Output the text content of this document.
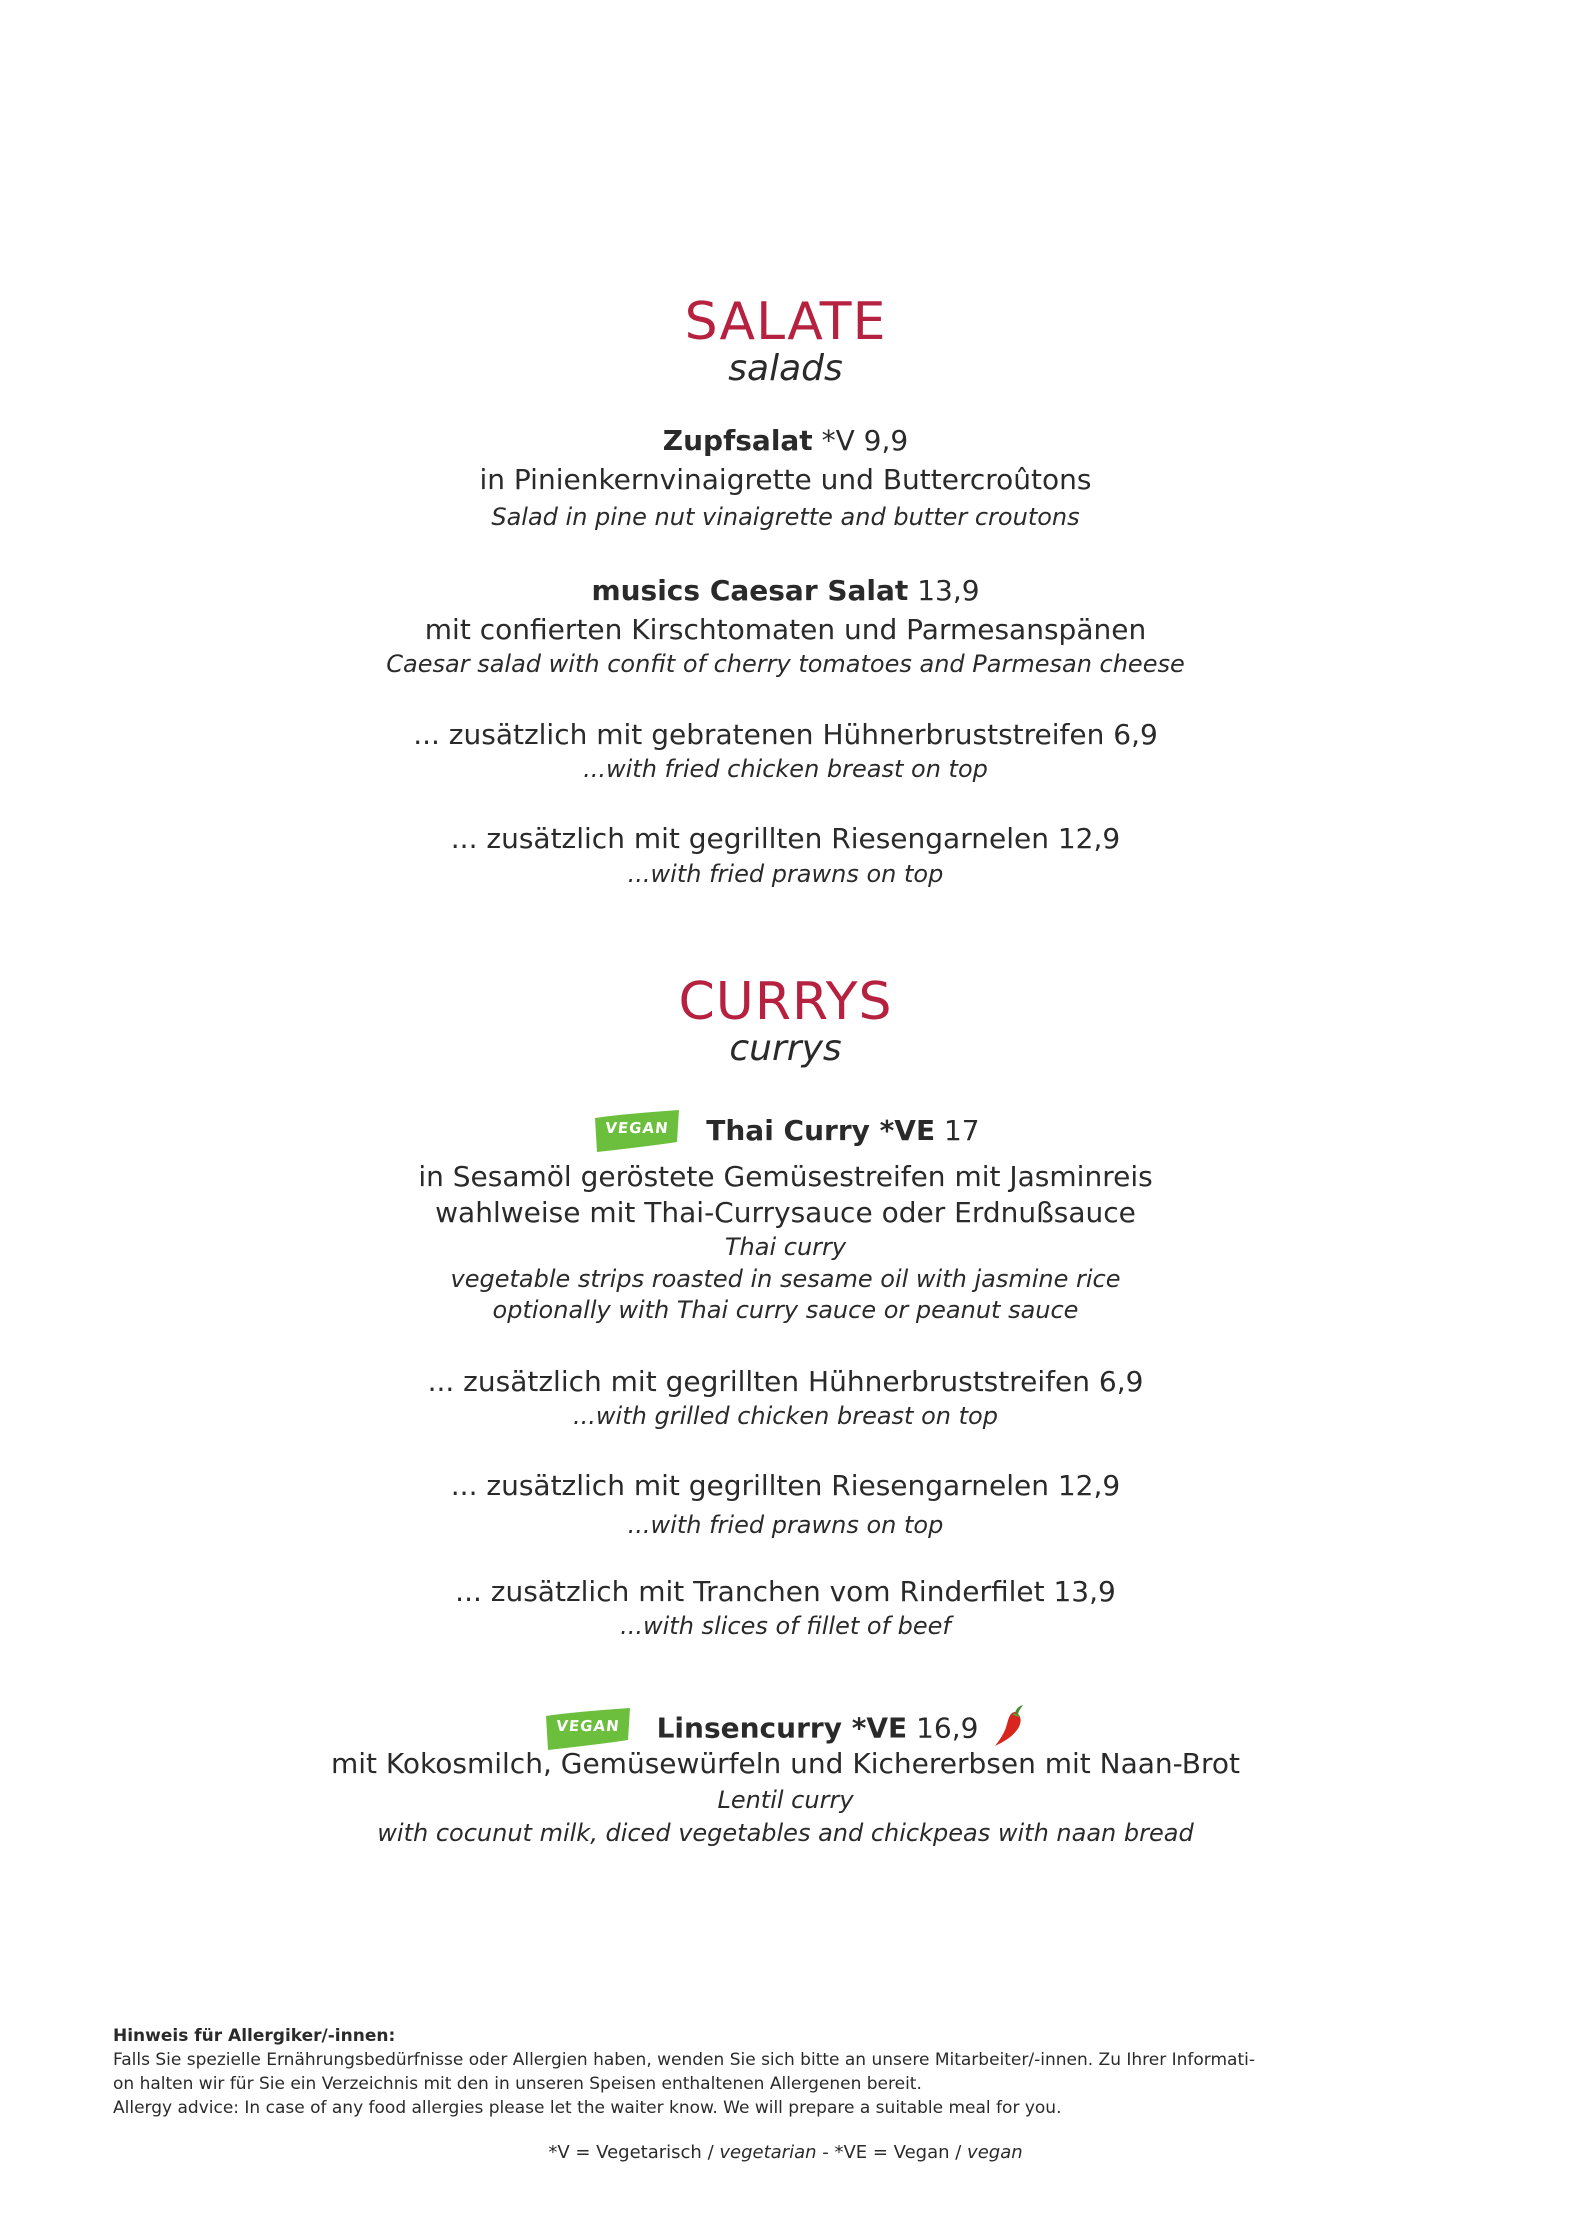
SALATE
salads
Zupfsalat *V 9,9
in Pinienkernvinaigrette und Buttercroûtons
Salad in pine nut vinaigrette and butter croutons
musics Caesar Salat 13,9
mit confierten Kirschtomaten und Parmesanspänen
Caesar salad with confit of cherry tomatoes and Parmesan cheese
... zusätzlich mit gebratenen Hühnerbruststreifen 6,9
...with fried chicken breast on top
... zusätzlich mit gegrillten Riesengarnelen 12,9
...with fried prawns on top
CURRYS
currys
VEGAN	Thai Curry *VE 17
in Sesamöl geröstete Gemüsestreifen mit Jasminreis
wahlweise mit Thai-Currysauce oder Erdnußsauce
Thai curry
vegetable strips roasted in sesame oil with jasmine rice
optionally with Thai curry sauce or peanut sauce
... zusätzlich mit gegrillten Hühnerbruststreifen 6,9
...with grilled chicken breast on top
... zusätzlich mit gegrillten Riesengarnelen 12,9
...with fried prawns on top
... zusätzlich mit Tranchen vom Rinderfilet 13,9
...with slices of fillet of beef
VEGAN	Linsencurry *VE 16,9
mit Kokosmilch, Gemüsewürfeln und Kichererbsen mit Naan-Brot
Lentil curry
with cocunut milk, diced vegetables and chickpeas with naan bread
Hinweis für Allergiker/-innen:
Falls Sie spezielle Ernährungsbedürfnisse oder Allergien haben, wenden Sie sich bitte an unsere Mitarbeiter/-innen. Zu Ihrer Informati-
on halten wir für Sie ein Verzeichnis mit den in unseren Speisen enthaltenen Allergenen bereit.
Allergy advice: In case of any food allergies please let the waiter know. We will prepare a suitable meal for you.
*V = Vegetarisch / vegetarian - *VE = Vegan / vegan
